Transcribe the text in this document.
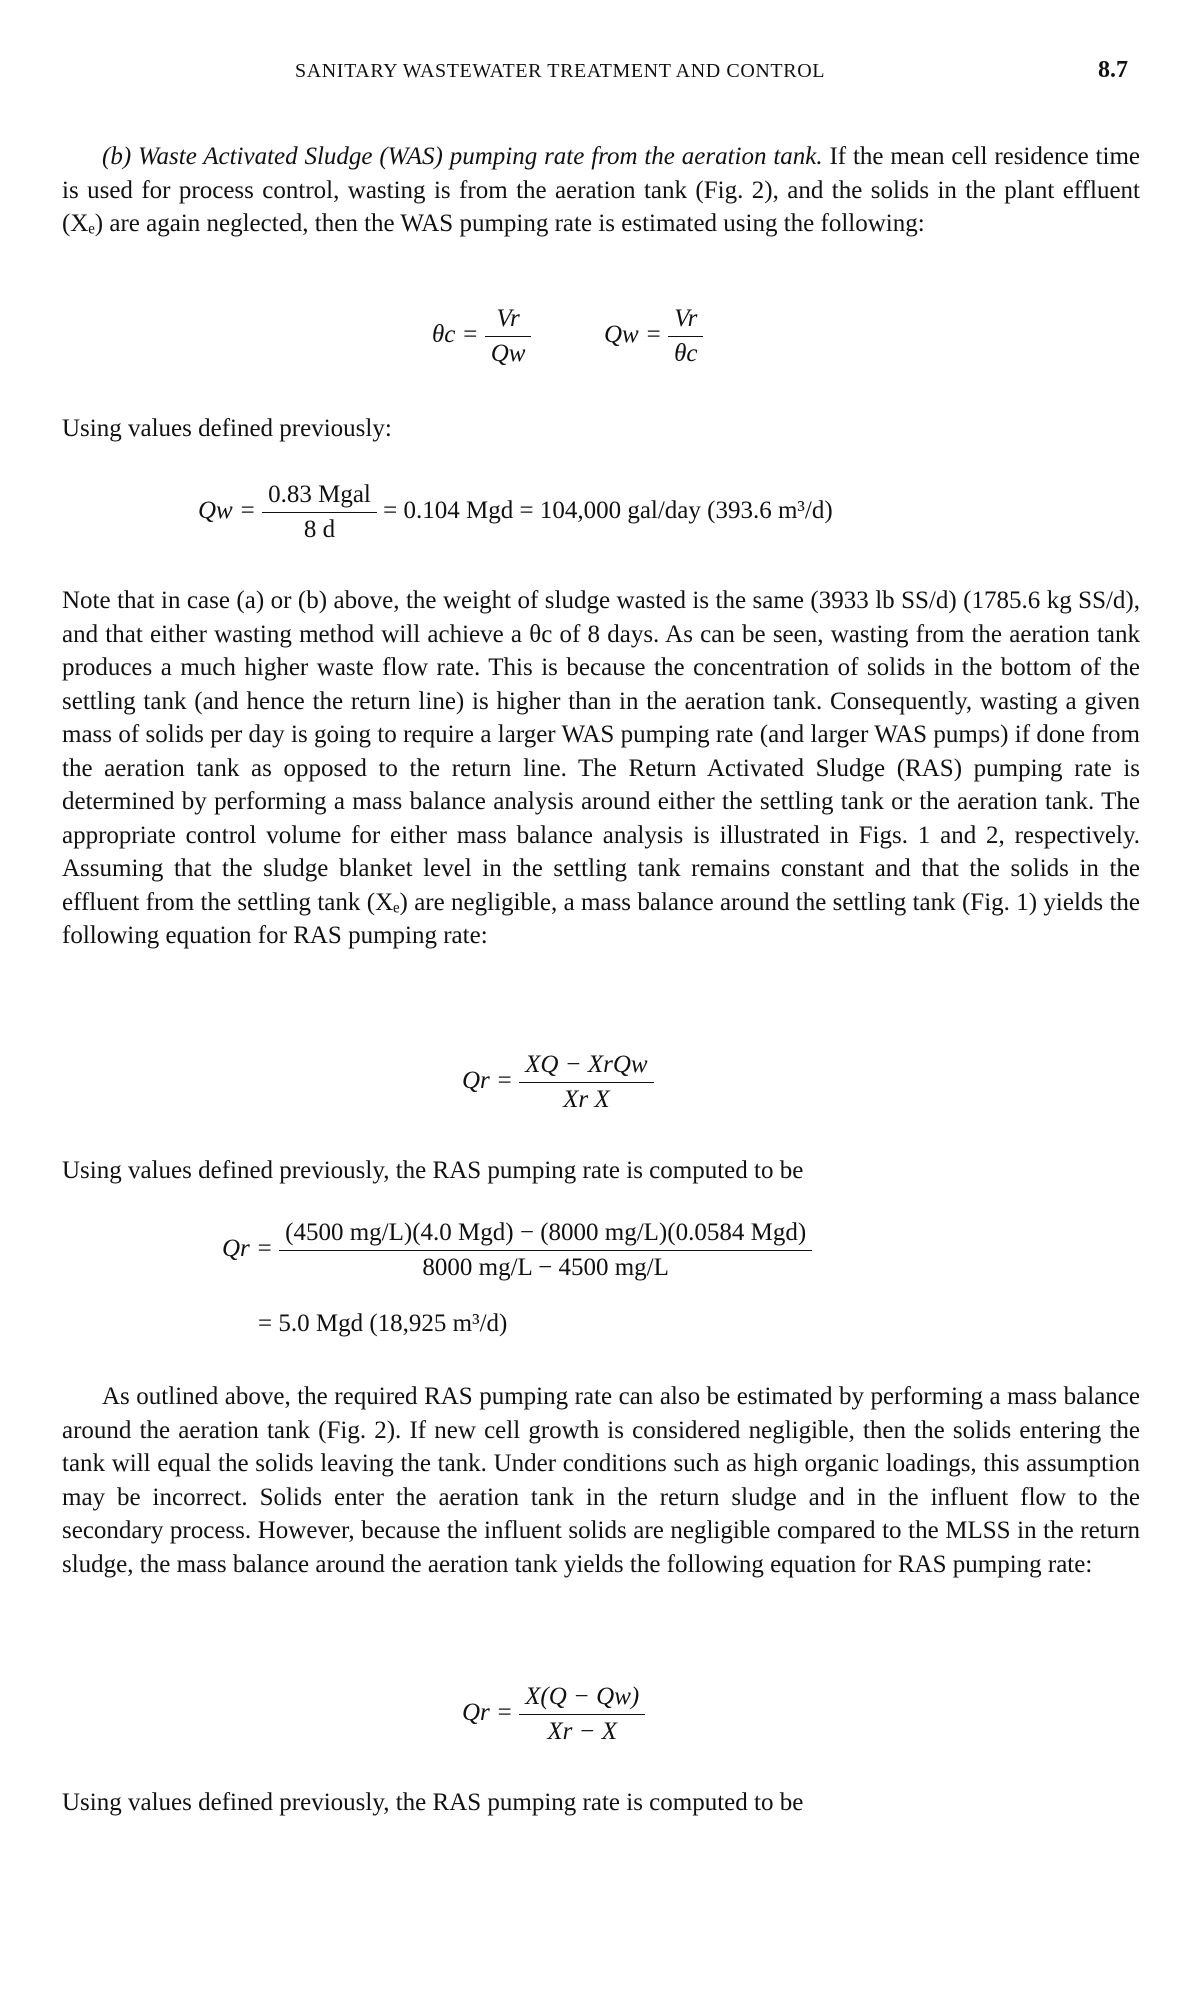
SANITARY WASTEWATER TREATMENT AND CONTROL	8.7

(b) Waste Activated Sludge (WAS) pumping rate from the aeration tank. If the mean cell residence time is used for process control, wasting is from the aeration tank (Fig. 2), and the solids in the plant effluent (Xₑ) are again neglected, then the WAS pumping rate is estimated using the following:

$\theta c = \frac{Vr}{Qw}$	$Qw = \frac{Vr}{\theta c}$

Using values defined previously:

$Qw = \frac{\text{0.83 Mgal}}{8 d} = 0.104$ Mgd = 104,000 gal/day (393.6 m³/d)

Note that in case (a) or (b) above, the weight of sludge wasted is the same (3933 lb SS/d) (1785.6 kg SS/d), and that either wasting method will achieve a θc of 8 days. As can be seen, wasting from the aeration tank produces a much higher waste flow rate. This is because the concentration of solids in the bottom of the settling tank (and hence the return line) is higher than in the aeration tank. Consequently, wasting a given mass of solids per day is going to require a larger WAS pumping rate (and larger WAS pumps) if done from the aeration tank as opposed to the return line. The Return Activated Sludge (RAS) pumping rate is determined by performing a mass balance analysis around either the settling tank or the aeration tank. The appropriate control volume for either mass balance analysis is illustrated in Figs. 1 and 2, respectively. Assuming that the sludge blanket level in the settling tank remains constant and that the solids in the effluent from the settling tank (Xₑ) are negligible, a mass balance around the settling tank (Fig. 1) yields the following equation for RAS pumping rate:

$Qr = \frac{\text{XQ − XrQw}}{\text{Xr X}}$

Using values defined previously, the RAS pumping rate is computed to be

$Qr = \frac{\text{(4500 mg/L)(4.0 Mgd) − (8000 mg/L)(0.0584 Mgd)}}{8000 mg/L - 4500 mg/L}$
= 5.0 Mgd (18,925 m³/d)

As outlined above, the required RAS pumping rate can also be estimated by performing a mass balance around the aeration tank (Fig. 2). If new cell growth is considered negligible, then the solids entering the tank will equal the solids leaving the tank. Under conditions such as high organic loadings, this assumption may be incorrect. Solids enter the aeration tank in the return sludge and in the influent flow to the secondary process. However, because the influent solids are negligible compared to the MLSS in the return sludge, the mass balance around the aeration tank yields the following equation for RAS pumping rate:

$Qr = \frac{X(Q - Qw)}{Xr - X}$

Using values defined previously, the RAS pumping rate is computed to be
